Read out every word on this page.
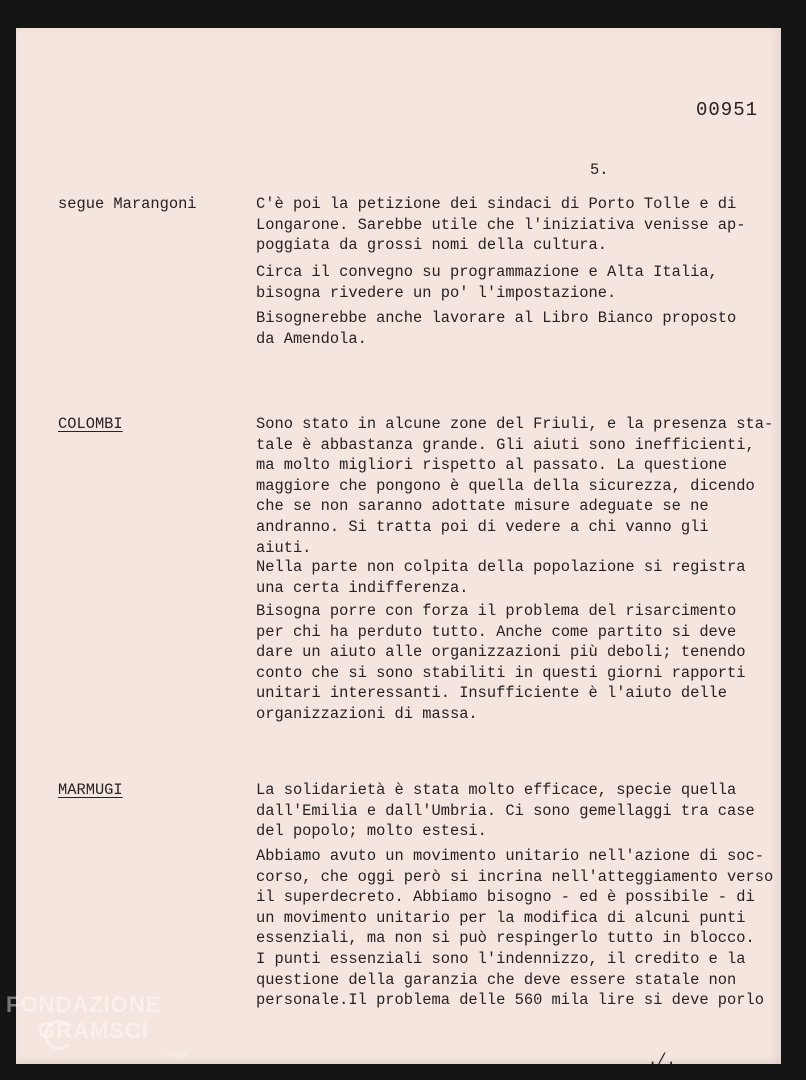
00951
5.
segue Marangoni	C'è poi la petizione dei sindaci di Porto Tolle e di
Longarone. Sarebbe utile che l'iniziativa venisse ap-
poggiata da grossi nomi della cultura.
Circa il convegno su programmazione e Alta Italia,
bisogna rivedere un po' l'impostazione.
Bisognerebbe anche lavorare al Libro Bianco proposto
da Amendola.
COLOMBI	Sono stato in alcune zone del Friuli, e la presenza sta-
tale è abbastanza grande. Gli aiuti sono inefficienti,
ma molto migliori rispetto al passato. La questione
maggiore che pongono è quella della sicurezza, dicendo
che se non saranno adottate misure adeguate se ne
andranno. Si tratta poi di vedere a chi vanno gli
aiuti.
Nella parte non colpita della popolazione si registra
una certa indifferenza.
Bisogna porre con forza il problema del risarcimento
per chi ha perduto tutto. Anche come partito si deve
dare un aiuto alle organizzazioni più deboli; tenendo
conto che si sono stabiliti in questi giorni rapporti
unitari interessanti. Insufficiente è l'aiuto delle
organizzazioni di massa.
MARMUGI	La solidarietà è stata molto efficace, specie quella
dall'Emilia e dall'Umbria. Ci sono gemellaggi tra case
del popolo; molto estesi.
Abbiamo avuto un movimento unitario nell'azione di soc-
corso, che oggi però si incrina nell'atteggiamento verso
il superdecreto. Abbiamo bisogno - ed è possibile - di
un movimento unitario per la modifica di alcuni punti
essenziali, ma non si può respingerlo tutto in blocco.
I punti essenziali sono l'indennizzo, il credito e la
questione della garanzia che deve essere statale non
personale.Il problema delle 560 mila lire si deve porlo
./.
FONDAZIONE
GRAMSCI
onlus
